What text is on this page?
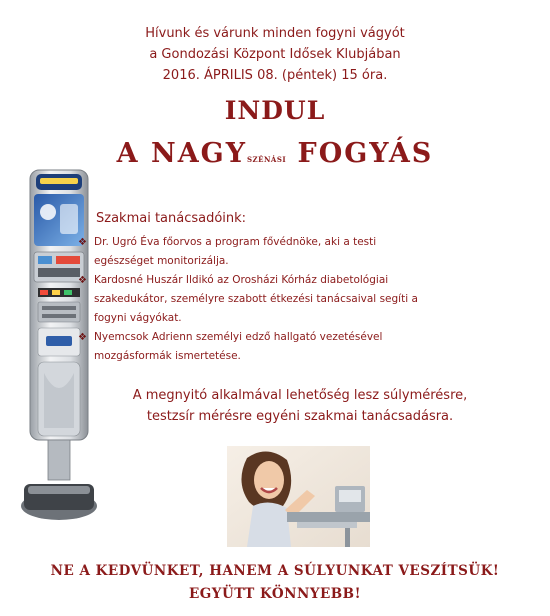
Hívunk és várunk minden fogyni vágyót
a Gondozási Központ Idősek Klubjában
2016. ÁPRILIS 08. (péntek) 15 óra.
INDUL
A NAGYSZÉNÁSI FOGYÁS
Szakmai tanácsadóink:
❖ Dr. Ugró Éva főorvos a program fővédnöke, aki a testi
egészséget monitorizálja.
❖ Kardosné Huszár Ildikó az Orosházi Kórház diabetológiai
szakedukátor, személyre szabott étkezési tanácsaival segíti a
fogyni vágyókat.
❖ Nyemcsok Adrienn személyi edző hallgató vezetésével
mozgásformák ismertetése.
A megnyitó alkalmával lehetőség lesz súlymérésre,
testzsír mérésre egyéni szakmai tanácsadásra.
NE A KEDVÜNKET, HANEM A SÚLYUNKAT VESZÍTSÜK!
EGYÜTT KÖNNYEBB!
